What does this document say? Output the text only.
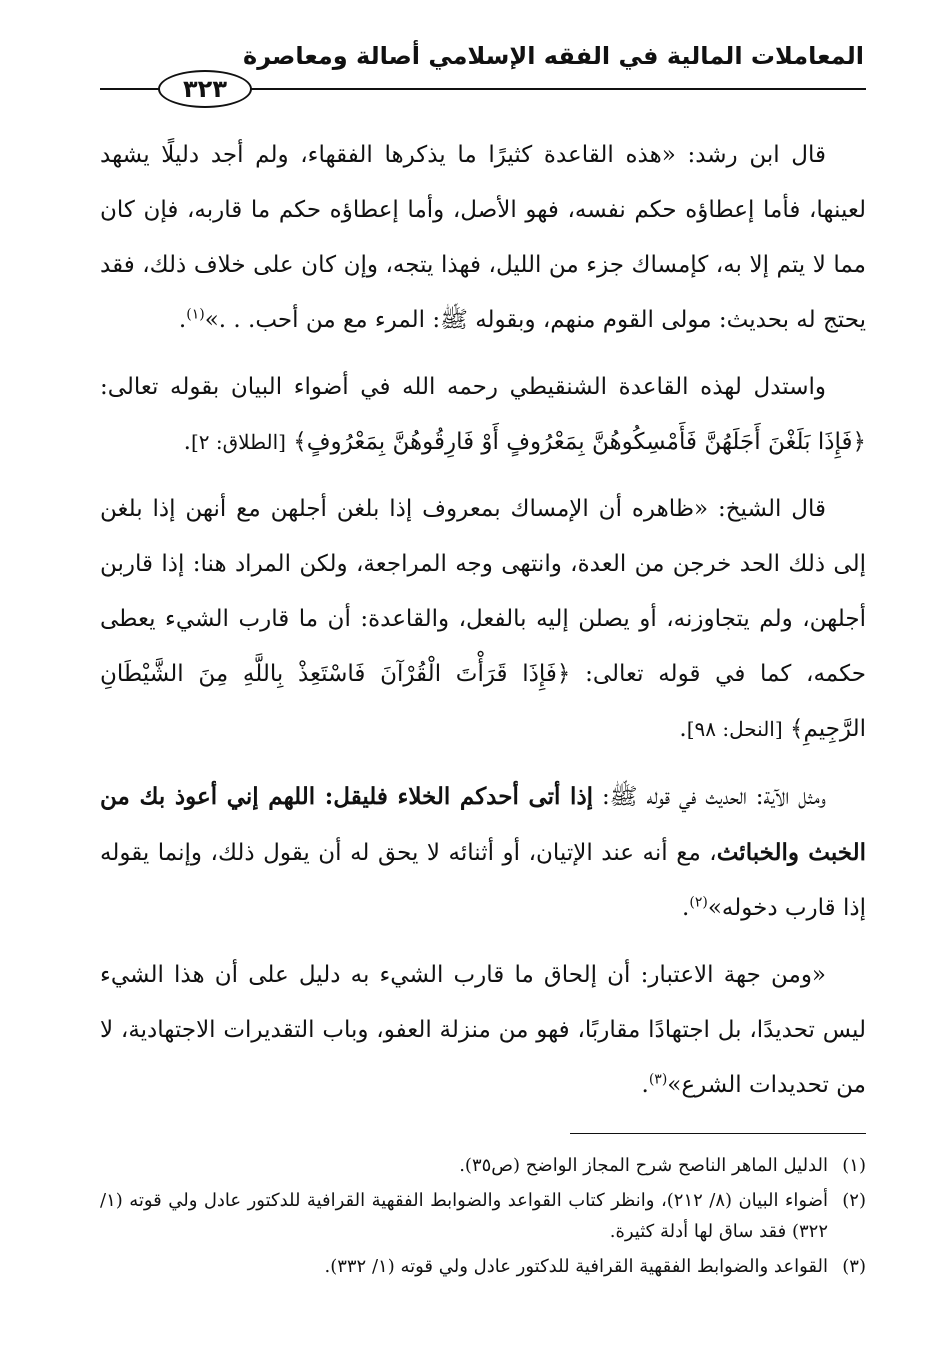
المعاملات المالية في الفقه الإسلامي أصالة ومعاصرة
٣٢٣

قال ابن رشد: «هذه القاعدة كثيرًا ما يذكرها الفقهاء، ولم أجد دليلًا يشهد لعينها، فأما إعطاؤه حكم نفسه، فهو الأصل، وأما إعطاؤه حكم ما قاربه، فإن كان مما لا يتم إلا به، كإمساك جزء من الليل، فهذا يتجه، وإن كان على خلاف ذلك، فقد يحتج له بحديث: مولى القوم منهم، وبقوله ﷺ: المرء مع من أحب. . .»$^{(١)}$.

واستدل لهذه القاعدة الشنقيطي رحمه الله في أضواء البيان بقوله تعالى: ﴿فَإِذَا بَلَغْنَ أَجَلَهُنَّ فَأَمْسِكُوهُنَّ بِمَعْرُوفٍ أَوْ فَارِقُوهُنَّ بِمَعْرُوفٍ﴾ [الطلاق: ٢].

قال الشيخ: «ظاهره أن الإمساك بمعروف إذا بلغن أجلهن مع أنهن إذا بلغن إلى ذلك الحد خرجن من العدة، وانتهى وجه المراجعة، ولكن المراد هنا: إذا قاربن أجلهن، ولم يتجاوزنه، أو يصلن إليه بالفعل، والقاعدة: أن ما قارب الشيء يعطى حكمه، كما في قوله تعالى: ﴿فَإِذَا قَرَأْتَ الْقُرْآنَ فَاسْتَعِذْ بِاللَّهِ مِنَ الشَّيْطَانِ الرَّجِيمِ﴾ [النحل: ٩٨].

ومثل الآية: الحديث في قوله ﷺ: إذا أتى أحدكم الخلاء فليقل: اللهم إني أعوذ بك من الخبث والخبائث، مع أنه عند الإتيان، أو أثنائه لا يحق له أن يقول ذلك، وإنما يقوله إذا قارب دخوله»$^{(٢)}$.

«ومن جهة الاعتبار: أن إلحاق ما قارب الشيء به دليل على أن هذا الشيء ليس تحديدًا، بل اجتهادًا مقاربًا، فهو من منزلة العفو، وباب التقديرات الاجتهادية، لا من تحديدات الشرع»$^{(٣)}$.

(١)
الدليل الماهر الناصح شرح المجاز الواضح (ص٣٥).
(٢)
أضواء البيان (٨/ ٢١٢)، وانظر كتاب القواعد والضوابط الفقهية القرافية للدكتور عادل ولي قوته (١/ ٣٢٢) فقد ساق لها أدلة كثيرة.
(٣)
القواعد والضوابط الفقهية القرافية للدكتور عادل ولي قوته (١/ ٣٣٢).
